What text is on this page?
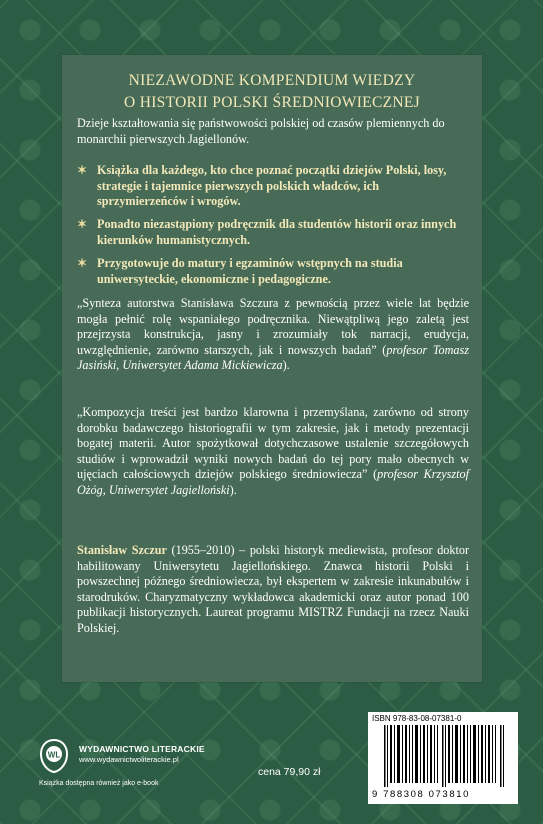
NIEZAWODNE KOMPENDIUM WIEDZY
O HISTORII POLSKI ŚREDNIOWIECZNEJ
Dzieje kształtowania się państwowości polskiej od czasów plemiennych do monarchii pierwszych Jagiellonów.
✶ Książka dla każdego, kto chce poznać początki dziejów Polski, losy, strategie i tajemnice pierwszych polskich władców, ich sprzymierzeńców i wrogów.
✶ Ponadto niezastąpiony podręcznik dla studentów historii oraz innych kierunków humanistycznych.
✶ Przygotowuje do matury i egzaminów wstępnych na studia uniwersyteckie, ekonomiczne i pedagogiczne.
„Synteza autorstwa Stanisława Szczura z pewnością przez wiele lat będzie mogła pełnić rolę wspaniałego podręcznika. Niewątpliwą jego zaletą jest przejrzysta konstrukcja, jasny i zrozumiały tok narracji, erudycja, uwzględnienie, zarówno starszych, jak i nowszych badań” (profesor Tomasz Jasiński, Uniwersytet Adama Mickiewicza).
„Kompozycja treści jest bardzo klarowna i przemyślana, zarówno od strony dorobku badawczego historiografii w tym zakresie, jak i metody prezentacji bogatej materii. Autor spożytkował dotychczasowe ustalenie szczegółowych studiów i wprowadził wyniki nowych badań do tej pory mało obecnych w ujęciach całościowych dziejów polskiego średniowiecza” (profesor Krzysztof Ożóg, Uniwersytet Jagielloński).
Stanisław Szczur (1955–2010) – polski historyk mediewista, profesor doktor habilitowany Uniwersytetu Jagiellońskiego. Znawca historii Polski i powszechnej późnego średniowiecza, był ekspertem w zakresie inkunabułów i starodruków. Charyzmatyczny wykładowca akademicki oraz autor ponad 100 publikacji historycznych. Laureat programu MISTRZ Fundacji na rzecz Nauki Polskiej.
ISBN 978-83-08-07381-0
9 788308 073810
WL
WYDAWNICTWO LITERACKIE
www.wydawnictwoliterackie.pl
Książka dostępna również jako e-book
cena 79,90 zł
